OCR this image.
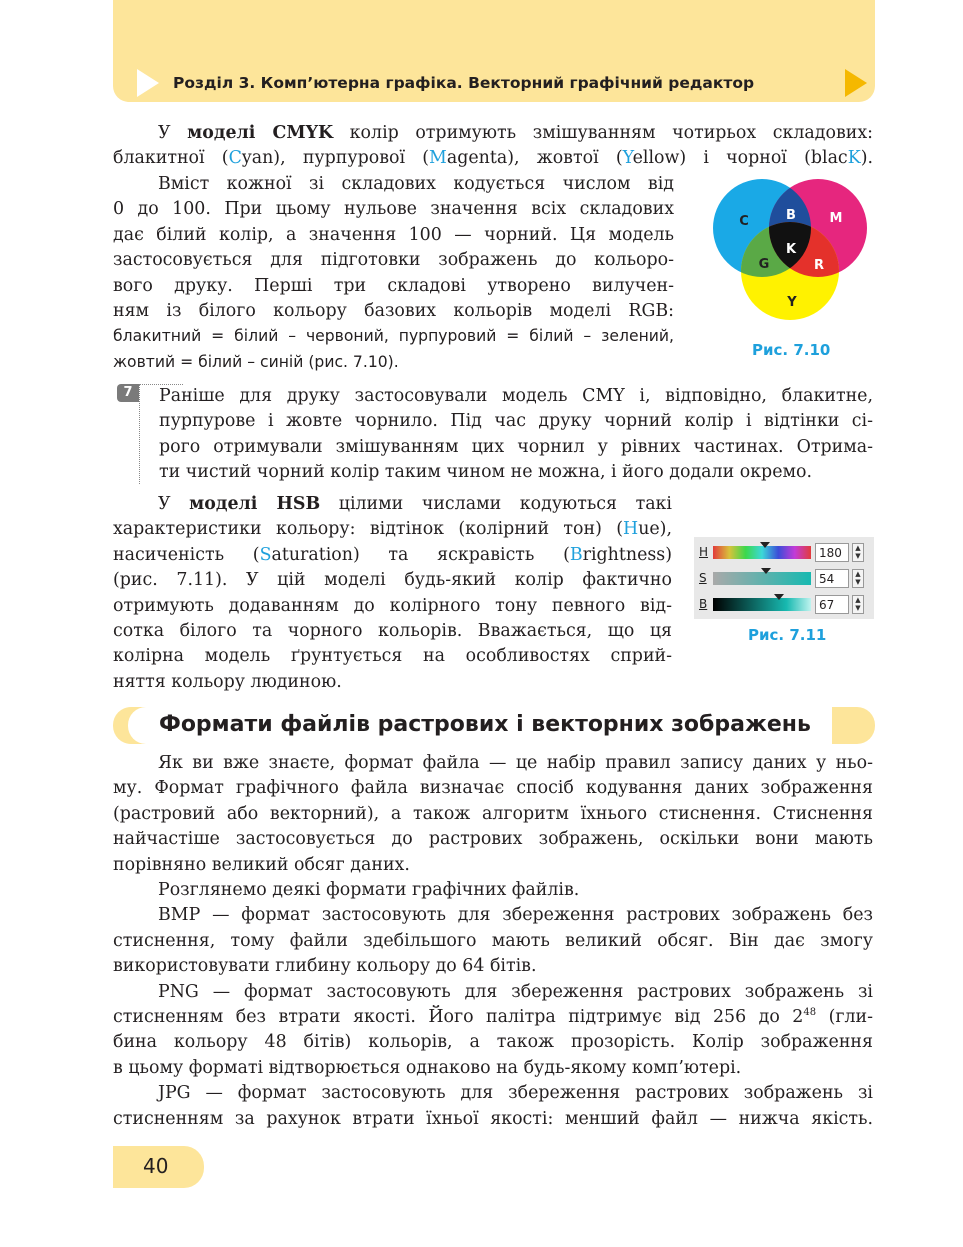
Розділ 3. Комп’ютерна графіка. Векторний графічний редактор
У моделі CMYK колір отримують змішуванням чотирьох складових:
блакитної (Cyan), пурпурової (Magenta), жовтої (Yellow) і чорної (blacK).
Вміст кожної зі складових кодується числом від
0 до 100. При цьому нульове значення всіх складових
дає білий колір, а значення 100 — чорний. Ця модель
застосовується для підготовки зображень до кольоро-
вого друку. Перші три складові утворено вилучен-
ням із білого кольору базових кольорів моделі RGB:
блакитний = білий – червоний, пурпуровий = білий – зелений,
жовтий = білий – синій (рис. 7.10).
C	M
B
K
G	R
Y
Рис. 7.10
7	Раніше для друку застосовували модель CMY і, відповідно, блакитне,
пурпурове і жовте чорнило. Під час друку чорний колір і відтінки сі-
рого отримували змішуванням цих чорнил у рівних частинах. Отрима-
ти чистий чорний колір таким чином не можна, і його додали окремо.
У моделі HSB цілими числами кодуються такі
характеристики кольору: відтінок (колірний тон) (Hue),
насиченість (Saturation) та яскравість (Brightness)
(рис. 7.11). У цій моделі будь-який колір фактично
отримують додаванням до колірного тону певного від-
сотка білого та чорного кольорів. Вважається, що ця
колірна модель ґрунтується на особливостях сприй-
няття кольору людиною.
H	180	▲
▼
S	54	▲
▼
B	67	▲
▼
Рис. 7.11
Формати файлів растрових і векторних зображень
Як ви вже знаєте, формат файла — це набір правил запису даних у ньо-
му. Формат графічного файла визначає спосіб кодування даних зображення
(растровий або векторний), а також алгоритм їхнього стиснення. Стиснення
найчастіше застосовується до растрових зображень, оскільки вони мають
порівняно великий обсяг даних.
Розглянемо деякі формати графічних файлів.
BMP — формат застосовують для збереження растрових зображень без
стиснення, тому файли здебільшого мають великий обсяг. Він дає змогу
використовувати глибину кольору до 64 бітів.
PNG — формат застосовують для збереження растрових зображень зі
стисненням без втрати якості. Його палітра підтримує від 256 до $2^{48}$ (гли-
бина кольору 48 бітів) кольорів, а також прозорість. Колір зображення
в цьому форматі відтворюється однаково на будь-якому комп’ютері.
JPG — формат застосовують для збереження растрових зображень зі
стисненням за рахунок втрати їхньої якості: менший файл — нижча якість.
40
